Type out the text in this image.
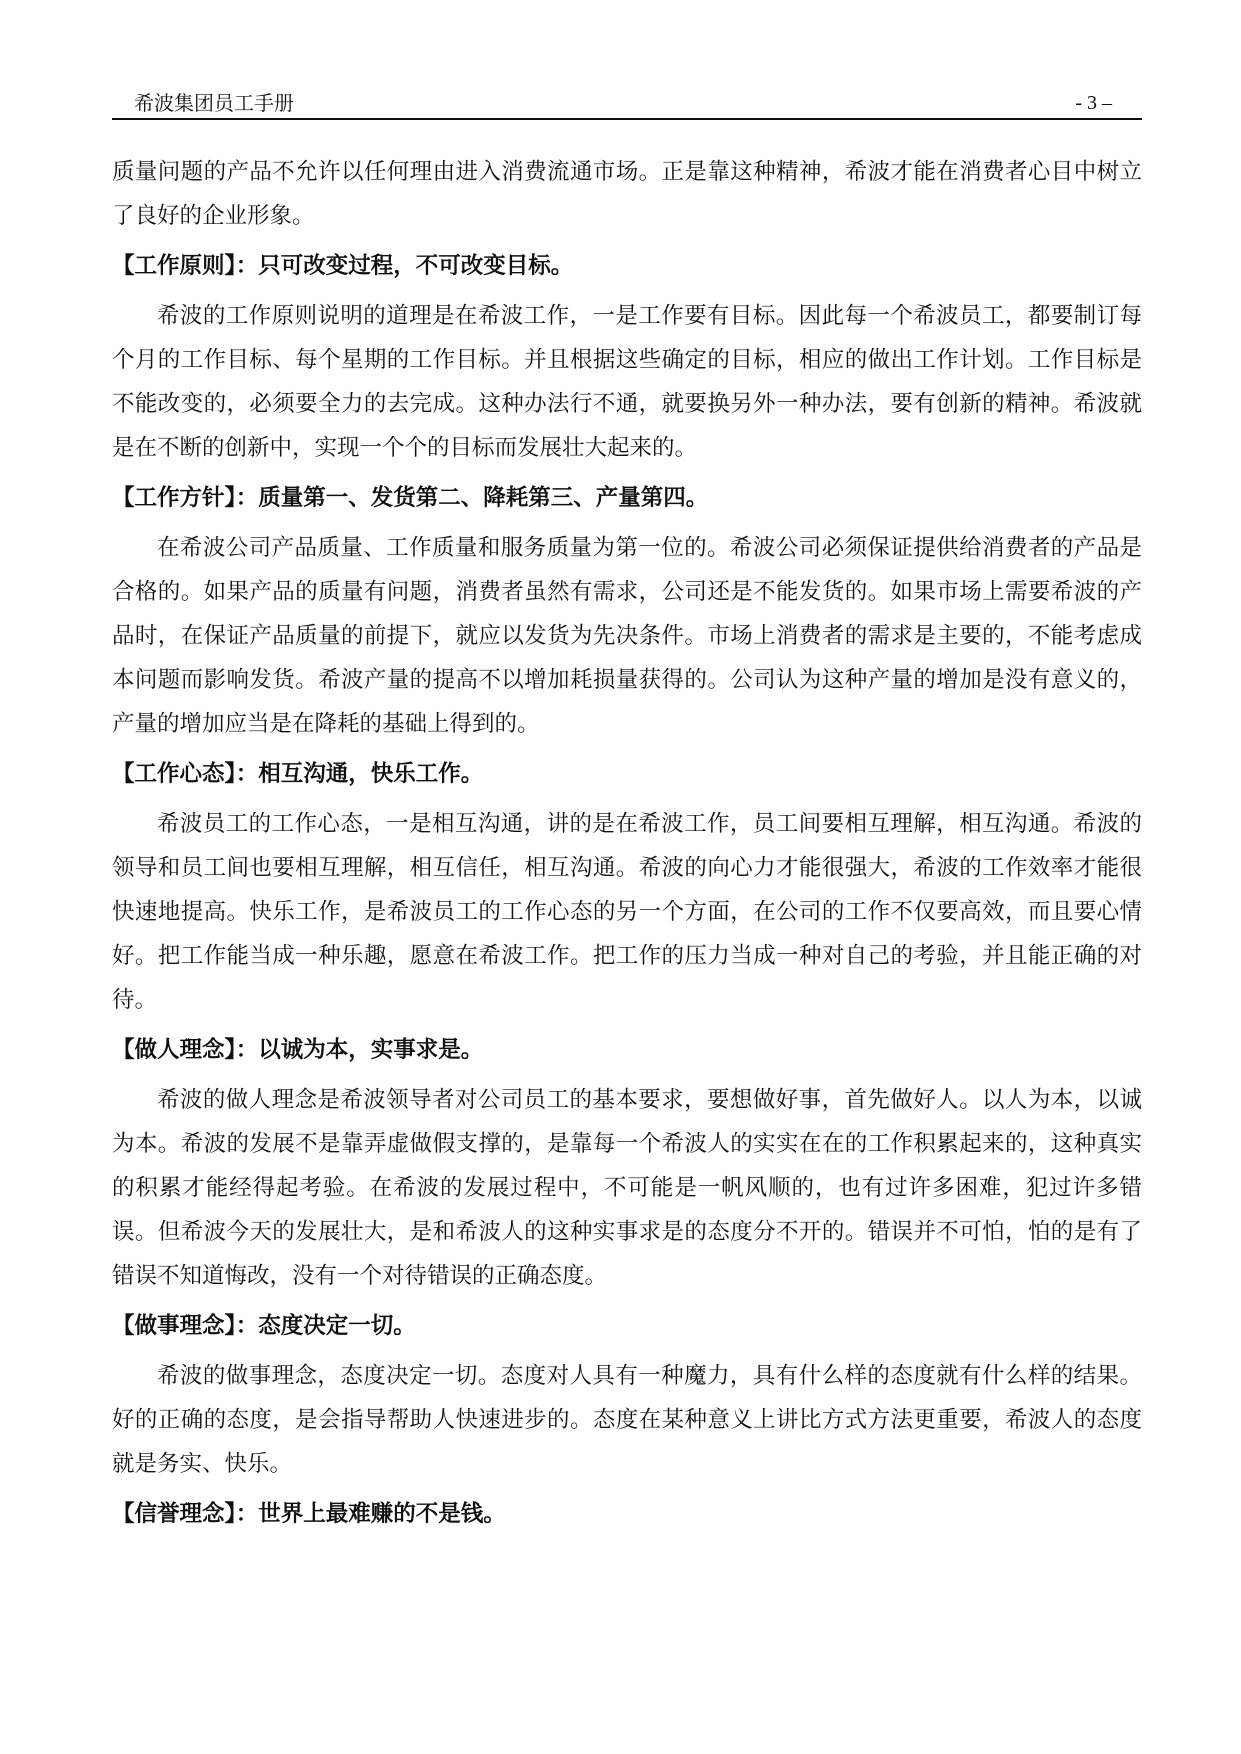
希波集团员工手册	- 3 –

质量问题的产品不允许以任何理由进入消费流通市场。正是靠这种精神，希波才能在消费者心目中树立了良好的企业形象。

【工作原则】：只可改变过程，不可改变目标。

希波的工作原则说明的道理是在希波工作，一是工作要有目标。因此每一个希波员工，都要制订每个月的工作目标、每个星期的工作目标。并且根据这些确定的目标，相应的做出工作计划。工作目标是不能改变的，必须要全力的去完成。这种办法行不通，就要换另外一种办法，要有创新的精神。希波就是在不断的创新中，实现一个个的目标而发展壮大起来的。

【工作方针】：质量第一、发货第二、降耗第三、产量第四。

在希波公司产品质量、工作质量和服务质量为第一位的。希波公司必须保证提供给消费者的产品是合格的。如果产品的质量有问题，消费者虽然有需求，公司还是不能发货的。如果市场上需要希波的产品时，在保证产品质量的前提下，就应以发货为先决条件。市场上消费者的需求是主要的，不能考虑成本问题而影响发货。希波产量的提高不以增加耗损量获得的。公司认为这种产量的增加是没有意义的，产量的增加应当是在降耗的基础上得到的。

【工作心态】：相互沟通，快乐工作。

希波员工的工作心态，一是相互沟通，讲的是在希波工作，员工间要相互理解，相互沟通。希波的领导和员工间也要相互理解，相互信任，相互沟通。希波的向心力才能很强大，希波的工作效率才能很快速地提高。快乐工作，是希波员工的工作心态的另一个方面，在公司的工作不仅要高效，而且要心情好。把工作能当成一种乐趣，愿意在希波工作。把工作的压力当成一种对自己的考验，并且能正确的对待。

【做人理念】：以诚为本，实事求是。

希波的做人理念是希波领导者对公司员工的基本要求，要想做好事，首先做好人。以人为本，以诚为本。希波的发展不是靠弄虚做假支撑的，是靠每一个希波人的实实在在的工作积累起来的，这种真实的积累才能经得起考验。在希波的发展过程中，不可能是一帆风顺的，也有过许多困难，犯过许多错误。但希波今天的发展壮大，是和希波人的这种实事求是的态度分不开的。错误并不可怕，怕的是有了错误不知道悔改，没有一个对待错误的正确态度。

【做事理念】：态度决定一切。

希波的做事理念，态度决定一切。态度对人具有一种魔力，具有什么样的态度就有什么样的结果。好的正确的态度，是会指导帮助人快速进步的。态度在某种意义上讲比方式方法更重要，希波人的态度就是务实、快乐。

【信誉理念】：世界上最难赚的不是钱。
